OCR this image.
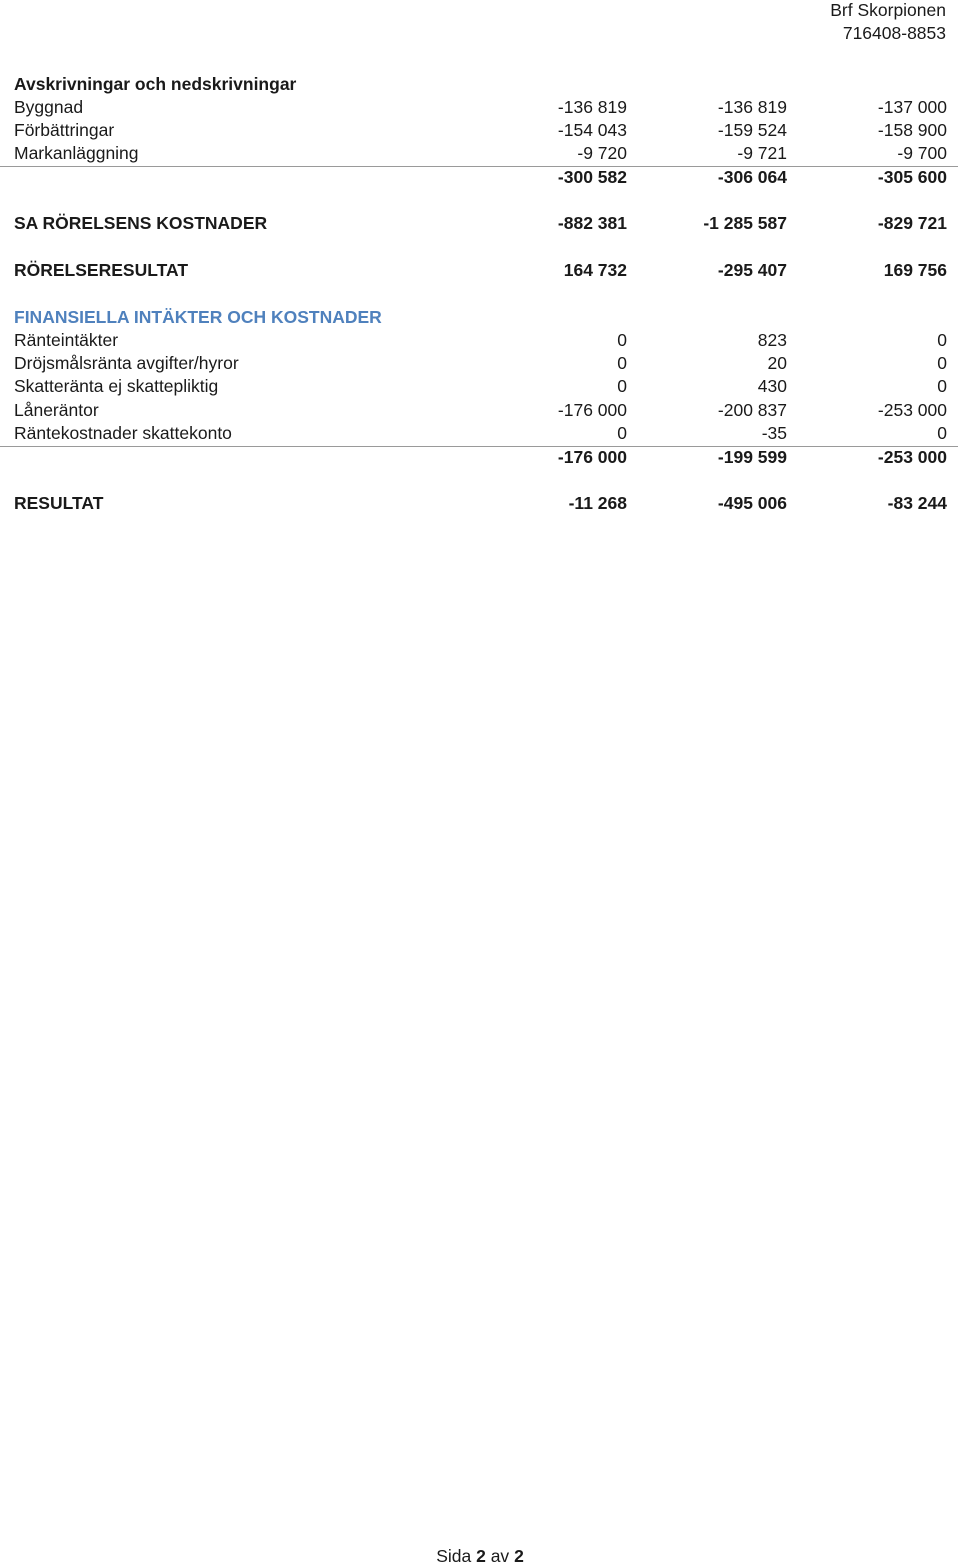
Brf Skorpionen
716408-8853
Avskrivningar och nedskrivningar
Byggnad	-136 819	-136 819	-137 000
Förbättringar	-154 043	-159 524	-158 900
Markanläggning	-9 720	-9 721	-9 700
-300 582	-306 064	-305 600
SA RÖRELSENS KOSTNADER	-882 381	-1 285 587	-829 721
RÖRELSERESULTAT	164 732	-295 407	169 756
FINANSIELLA INTÄKTER OCH KOSTNADER
Ränteintäkter	0	823	0
Dröjsmålsränta avgifter/hyror	0	20	0
Skatteränta ej skattepliktig	0	430	0
Låneräntor	-176 000	-200 837	-253 000
Räntekostnader skattekonto	0	-35	0
-176 000	-199 599	-253 000
RESULTAT	-11 268	-495 006	-83 244
Sida 2 av 2
